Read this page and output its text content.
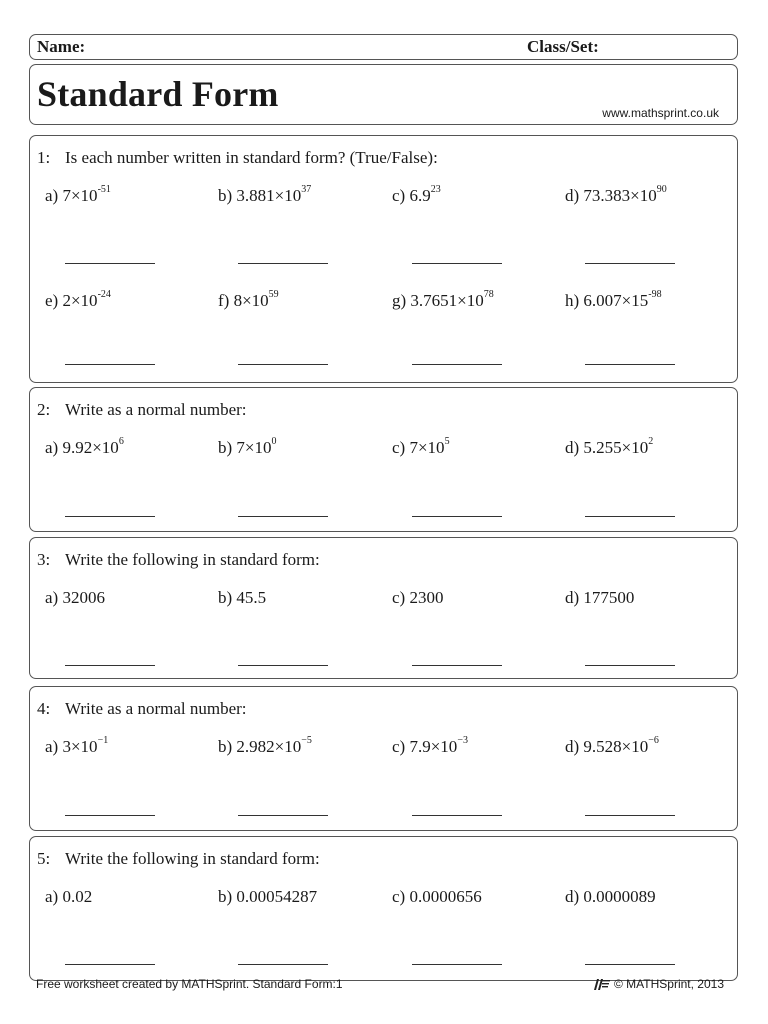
Name:	Class/Set:
Standard Form	www.mathsprint.co.uk
1: Is each number written in standard form? (True/False):
a) $7\times 10^{-51}$	b) $3.881\times 10^{37}$	c) $6.9^{23}$	d) $73.383\times 10^{90}$
e) $2\times 10^{-24}$	f) $8\times 10^{59}$	g) $3.7651\times 10^{78}$	h) $6.007\times 15^{-98}$
2: Write as a normal number:
a) $9.92\times 10^6$	b) $7\times 10^0$	c) $7\times 10^5$	d) $5.255\times 10^2$
3: Write the following in standard form:
a) 32006	b) 45.5	c) 2300	d) 177500
4: Write as a normal number:
a) $3\times 10^{-1}$	b) $2.982\times 10^{-5}$	c) $7.9\times 10^{-3}$	d) $9.528\times 10^{-6}$
5: Write the following in standard form:
a) 0.02	b) 0.00054287	c) 0.0000656	d) 0.0000089
Free worksheet created by MATHSprint. Standard Form:1	© MATHSprint, 2013
